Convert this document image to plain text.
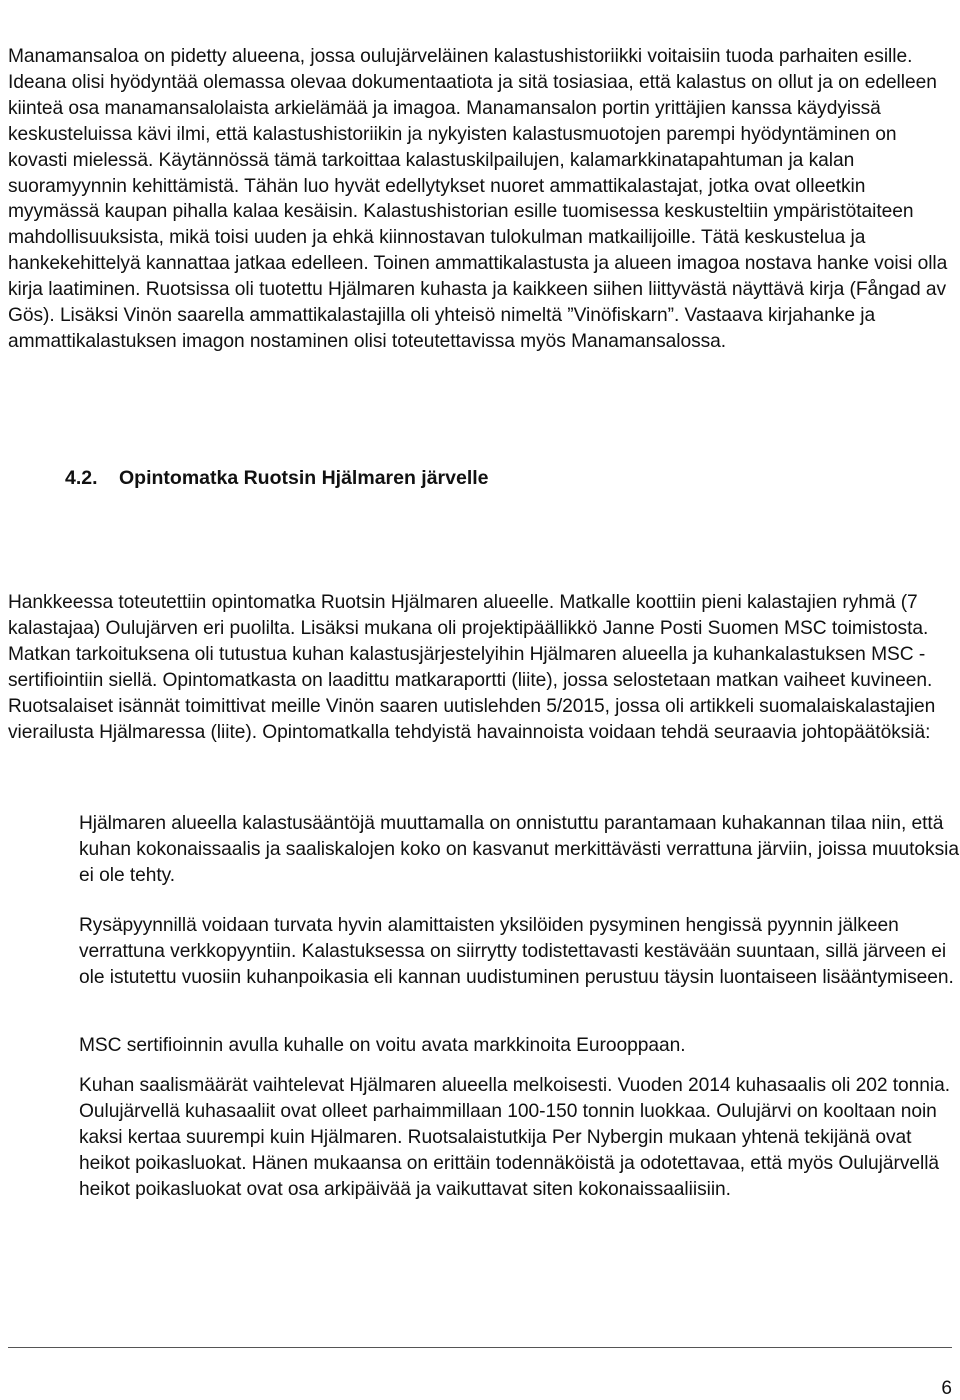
Manamansaloa on pidetty alueena, jossa oulujärveläinen kalastushistoriikki voitaisiin tuoda parhaiten esille. Ideana olisi hyödyntää olemassa olevaa dokumentaatiota ja sitä tosiasiaa, että kalastus on ollut ja on edelleen kiinteä osa manamansalolaista arkielämää ja imagoa. Manamansalon portin yrittäjien kanssa käydyissä keskusteluissa kävi ilmi, että kalastushistoriikin ja nykyisten kalastusmuotojen parempi hyödyntäminen on kovasti mielessä. Käytännössä tämä tarkoittaa kalastuskilpailujen, kalamarkkinatapahtuman ja kalan suoramyynnin kehittämistä. Tähän luo hyvät edellytykset nuoret ammattikalastajat, jotka ovat olleetkin myymässä kaupan pihalla kalaa kesäisin. Kalastushistorian esille tuomisessa keskusteltiin ympäristötaiteen mahdollisuuksista, mikä toisi uuden ja ehkä kiinnostavan tulokulman matkailijoille. Tätä keskustelua ja hankekehittelyä kannattaa jatkaa edelleen. Toinen ammattikalastusta ja alueen imagoa nostava hanke voisi olla kirja laatiminen. Ruotsissa oli tuotettu Hjälmaren kuhasta ja kaikkeen siihen liittyvästä näyttävä kirja (Fångad av Gös). Lisäksi Vinön saarella ammattikalastajilla oli yhteisö nimeltä ”Vinöfiskarn”. Vastaava kirjahanke ja ammattikalastuksen imagon nostaminen olisi toteutettavissa myös Manamansalossa.

4.2. Opintomatka Ruotsin Hjälmaren järvelle

Hankkeessa toteutettiin opintomatka Ruotsin Hjälmaren alueelle. Matkalle koottiin pieni kalastajien ryhmä (7 kalastajaa) Oulujärven eri puolilta. Lisäksi mukana oli projektipäällikkö Janne Posti Suomen MSC toimistosta. Matkan tarkoituksena oli tutustua kuhan kalastusjärjestelyihin Hjälmaren alueella ja kuhankalastuksen MSC -sertifiointiin siellä. Opintomatkasta on laadittu matkaraportti (liite), jossa selostetaan matkan vaiheet kuvineen. Ruotsalaiset isännät toimittivat meille Vinön saaren uutislehden 5/2015, jossa oli artikkeli suomalaiskalastajien vierailusta Hjälmaressa (liite). Opintomatkalla tehdyistä havainnoista voidaan tehdä seuraavia johtopäätöksiä:

Hjälmaren alueella kalastusääntöjä muuttamalla on onnistuttu parantamaan kuhakannan tilaa niin, että kuhan kokonaissaalis ja saaliskalojen koko on kasvanut merkittävästi verrattuna järviin, joissa muutoksia ei ole tehty.

Rysäpyynnillä voidaan turvata hyvin alamittaisten yksilöiden pysyminen hengissä pyynnin jälkeen verrattuna verkkopyyntiin. Kalastuksessa on siirrytty todistettavasti kestävään suuntaan, sillä järveen ei ole istutettu vuosiin kuhanpoikasia eli kannan uudistuminen perustuu täysin luontaiseen lisääntymiseen.

MSC sertifioinnin avulla kuhalle on voitu avata markkinoita Eurooppaan.

Kuhan saalismäärät vaihtelevat Hjälmaren alueella melkoisesti. Vuoden 2014 kuhasaalis oli 202 tonnia. Oulujärvellä kuhasaaliit ovat olleet parhaimmillaan 100-150 tonnin luokkaa. Oulujärvi on kooltaan noin kaksi kertaa suurempi kuin Hjälmaren. Ruotsalaistutkija Per Nybergin mukaan yhtenä tekijänä ovat heikot poikasluokat. Hänen mukaansa on erittäin todennäköistä ja odotettavaa, että myös Oulujärvellä heikot poikasluokat ovat osa arkipäivää ja vaikuttavat siten kokonaissaaliisiin.

6
